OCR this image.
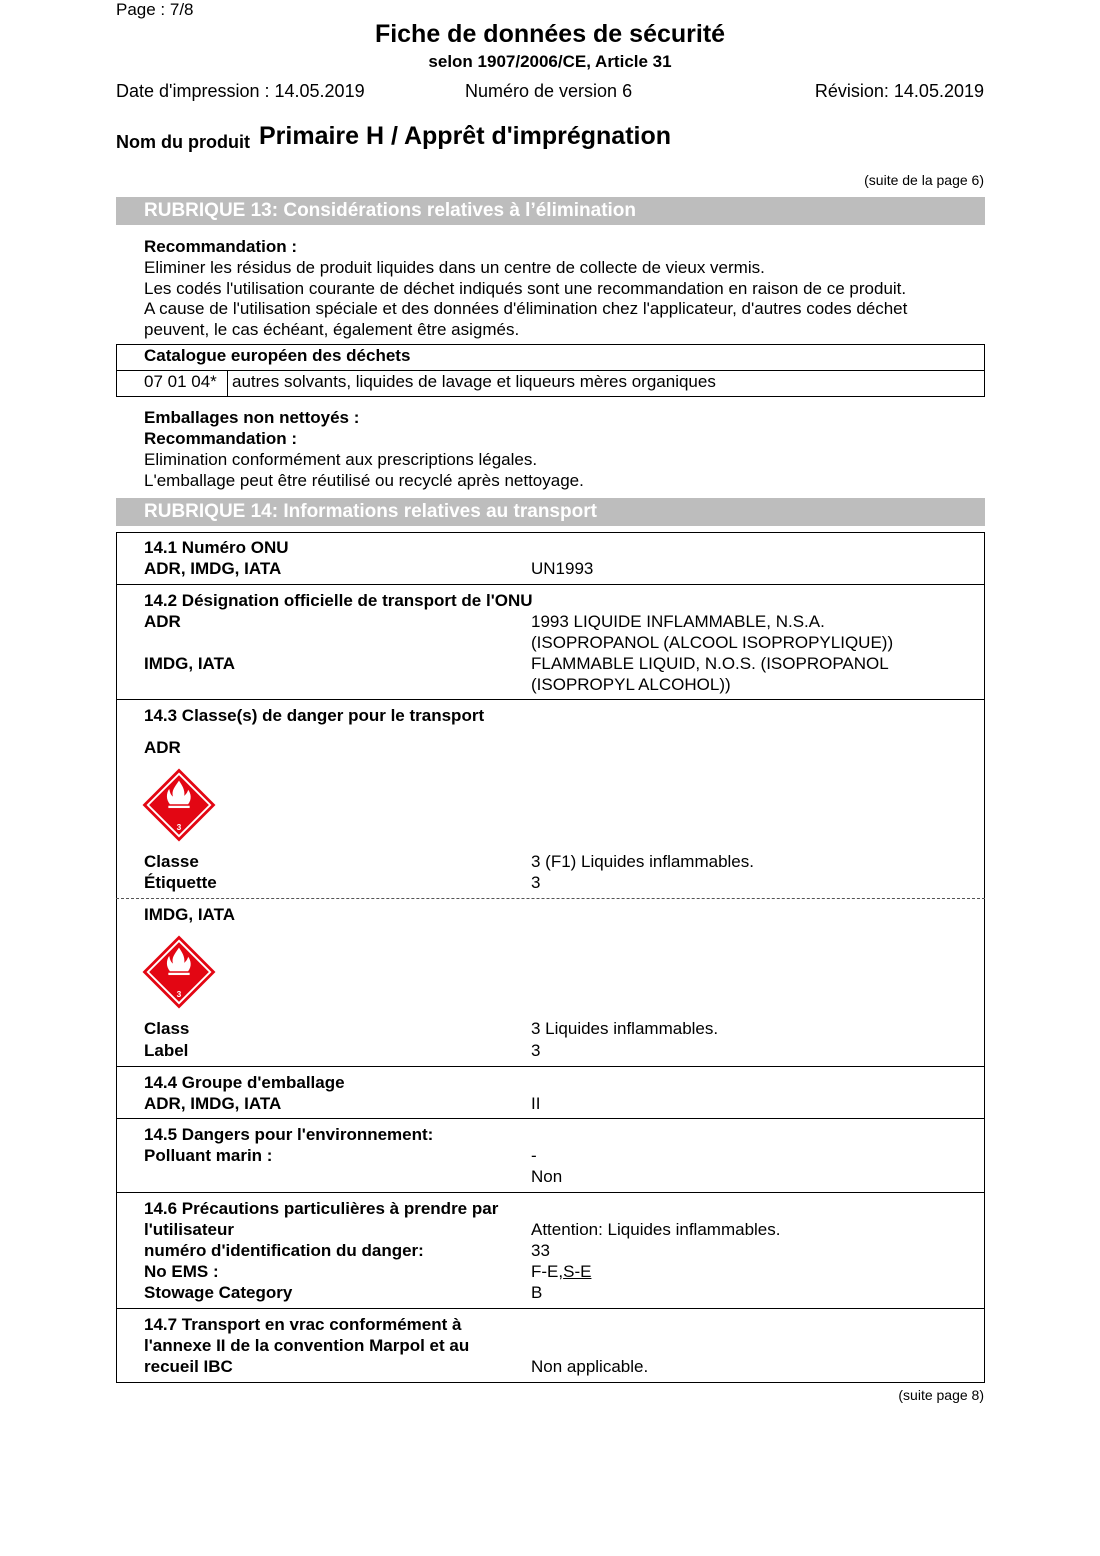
Page : 7/8
Fiche de données de sécurité
selon 1907/2006/CE, Article 31
Date d'impression : 14.05.2019	Numéro de version 6	Révision: 14.05.2019
Nom du produit Primaire H / Apprêt d'imprégnation
(suite de la page 6)
RUBRIQUE 13: Considérations relatives à l’élimination
Recommandation :
Eliminer les résidus de produit liquides dans un centre de collecte de vieux vermis.
Les codés l'utilisation courante de déchet indiqués sont une recommandation en raison de ce produit.
A cause de l'utilisation spéciale et des données d'élimination chez l'applicateur, d'autres codes déchet
peuvent, le cas échéant, également être asigmés.
Catalogue européen des déchets
07 01 04* autres solvants, liquides de lavage et liqueurs mères organiques
Emballages non nettoyés :
Recommandation :
Elimination conformément aux prescriptions légales.
L'emballage peut être réutilisé ou recyclé après nettoyage.
RUBRIQUE 14: Informations relatives au transport
14.1 Numéro ONU
ADR, IMDG, IATA	UN1993
14.2 Désignation officielle de transport de l'ONU
ADR	1993 LIQUIDE INFLAMMABLE, N.S.A.
(ISOPROPANOL (ALCOOL ISOPROPYLIQUE))
IMDG, IATA	FLAMMABLE LIQUID, N.O.S. (ISOPROPANOL
(ISOPROPYL ALCOHOL))
14.3 Classe(s) de danger pour le transport
ADR
3
Classe	3 (F1) Liquides inflammables.
Étiquette	3
IMDG, IATA
3
Class	3 Liquides inflammables.
Label	3
14.4 Groupe d'emballage
ADR, IMDG, IATA	II
14.5 Dangers pour l'environnement:
Polluant marin :	-
Non
14.6 Précautions particulières à prendre par
l'utilisateur	Attention: Liquides inflammables.
numéro d'identification du danger:	33
No EMS :	F-E,S-E
Stowage Category	B
14.7 Transport en vrac conformément à
l'annexe II de la convention Marpol et au
recueil IBC	Non applicable.
(suite page 8)
